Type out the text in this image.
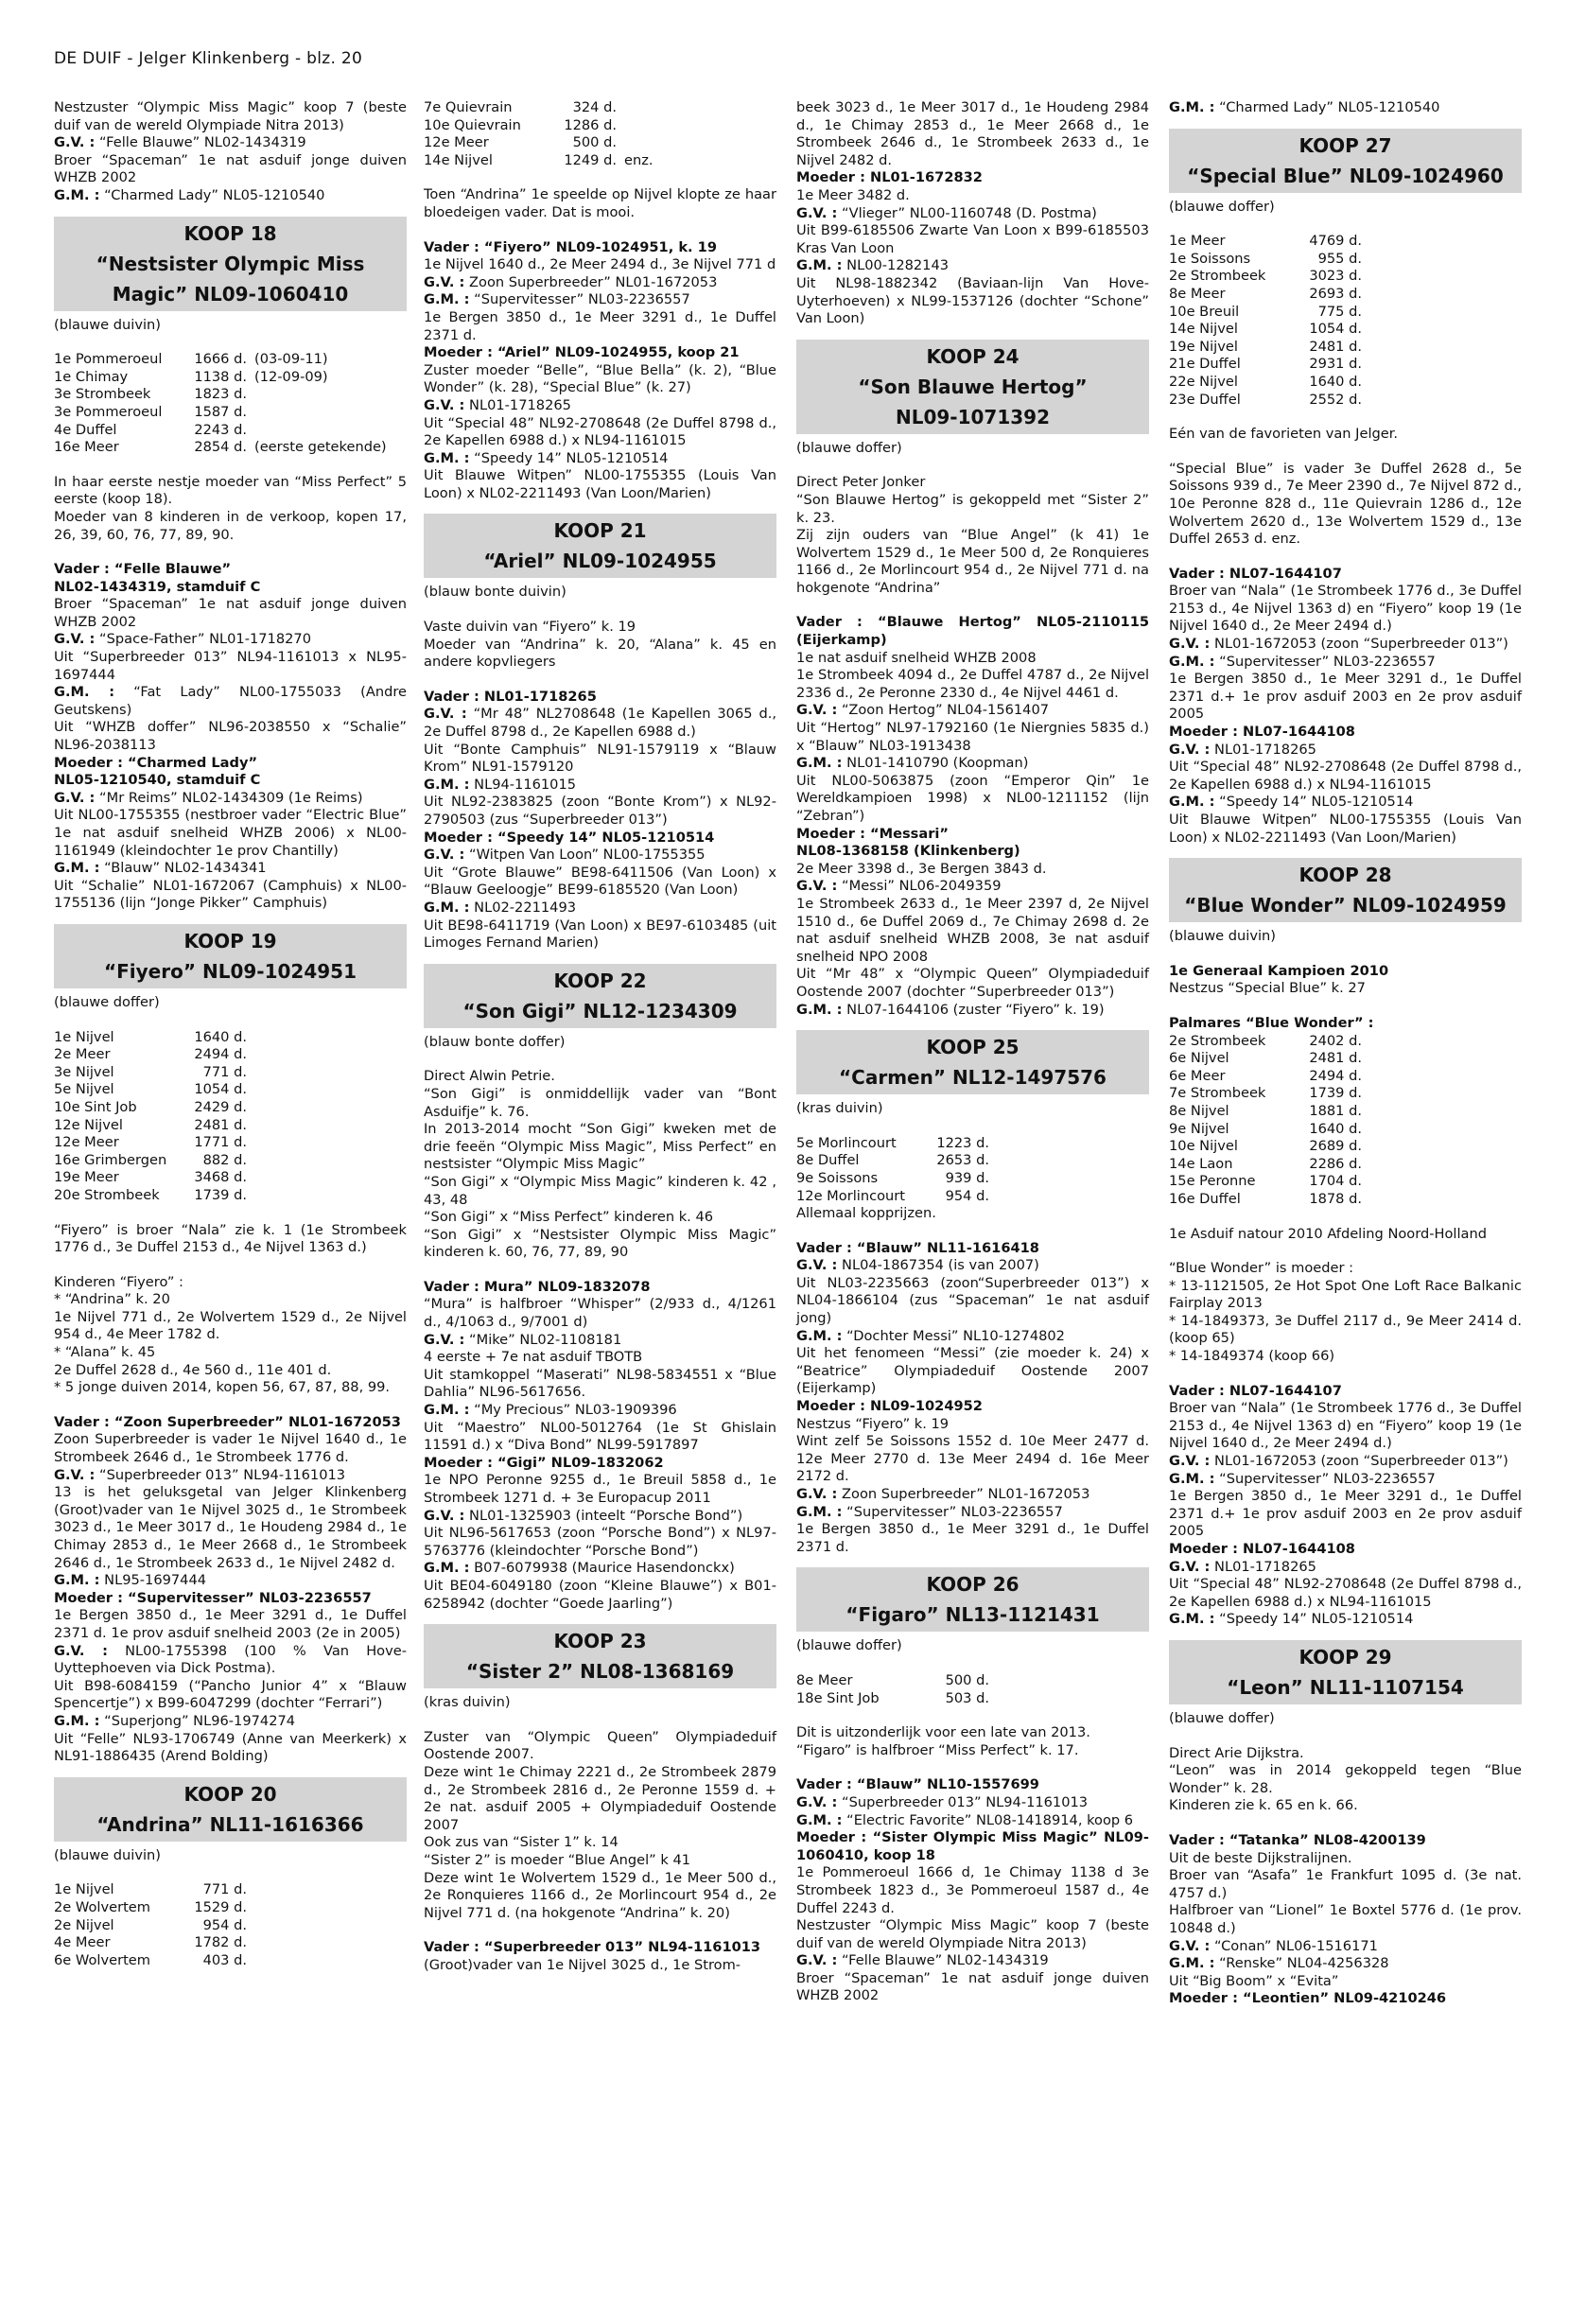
DE DUIF - Jelger Klinkenberg - blz. 20

Nestzuster “Olympic Miss Magic” koop 7 (beste duif van de wereld Olympiade Nitra 2013)

G.V. : “Felle Blauwe” NL02-1434319

Broer “Spaceman” 1e nat asduif jonge duiven WHZB 2002

G.M. : “Charmed Lady” NL05-1210540

KOOP 18
“Nestsister Olympic Miss
Magic” NL09-1060410

(blauwe duivin)

1e Pommeroeul	1666 d. (03-09-11)
1e Chimay	1138 d. (12-09-09)
3e Strombeek	1823 d.
3e Pommeroeul	1587 d.
4e Duffel	2243 d.
16e Meer	2854 d. (eerste getekende)

In haar eerste nestje moeder van “Miss Perfect” 5 eerste (koop 18).

Moeder van 8 kinderen in de verkoop, kopen 17, 26, 39, 60, 76, 77, 89, 90.

Vader : “Felle Blauwe”

NL02-1434319, stamduif C

Broer “Spaceman” 1e nat asduif jonge duiven WHZB 2002

G.V. : “Space-Father” NL01-1718270

Uit “Superbreeder 013” NL94-1161013 x NL95-1697444

G.M. : “Fat Lady” NL00-1755033 (Andre Geutskens)

Uit “WHZB doffer” NL96-2038550 x “Schalie” NL96-2038113

Moeder : “Charmed Lady”

NL05-1210540, stamduif C

G.V. : “Mr Reims” NL02-1434309 (1e Reims)

Uit NL00-1755355 (nestbroer vader “Electric Blue” 1e nat asduif snelheid WHZB 2006) x NL00-1161949 (kleindochter 1e prov Chantilly)

G.M. : “Blauw” NL02-1434341

Uit “Schalie” NL01-1672067 (Camphuis) x NL00-1755136 (lijn “Jonge Pikker” Camphuis)

KOOP 19
“Fiyero” NL09-1024951

(blauwe doffer)

1e Nijvel	1640 d.
2e Meer	2494 d.
3e Nijvel	771 d.
5e Nijvel	1054 d.
10e Sint Job	2429 d.
12e Nijvel	2481 d.
12e Meer	1771 d.
16e Grimbergen	882 d.
19e Meer	3468 d.
20e Strombeek	1739 d.

“Fiyero” is broer “Nala” zie k. 1 (1e Strombeek 1776 d., 3e Duffel 2153 d., 4e Nijvel 1363 d.)

Kinderen “Fiyero” :

* “Andrina” k. 20

1e Nijvel 771 d., 2e Wolvertem 1529 d., 2e Nijvel 954 d., 4e Meer 1782 d.

* “Alana” k. 45

2e Duffel 2628 d., 4e 560 d., 11e 401 d.

* 5 jonge duiven 2014, kopen 56, 67, 87, 88, 99.

Vader : “Zoon Superbreeder” NL01-1672053

Zoon Superbreeder is vader 1e Nijvel 1640 d., 1e Strombeek 2646 d., 1e Strombeek 1776 d.

G.V. : “Superbreeder 013” NL94-1161013

13 is het geluksgetal van Jelger Klinkenberg (Groot)vader van 1e Nijvel 3025 d., 1e Strombeek 3023 d., 1e Meer 3017 d., 1e Houdeng 2984 d., 1e Chimay 2853 d., 1e Meer 2668 d., 1e Strombeek 2646 d., 1e Strombeek 2633 d., 1e Nijvel 2482 d.

G.M. : NL95-1697444

Moeder : “Supervitesser” NL03-2236557

1e Bergen 3850 d., 1e Meer 3291 d., 1e Duffel 2371 d. 1e prov asduif snelheid 2003 (2e in 2005)

G.V. : NL00-1755398 (100 % Van Hove-Uyttерhoeven via Dick Postma).

Uit B98-6084159 (“Pancho Junior 4” x “Blauw Spencertje”) x B99-6047299 (dochter “Ferrari”)

G.M. : “Superjong” NL96-1974274

Uit “Felle” NL93-1706749 (Anne van Meerkerk) x NL91-1886435 (Arend Bolding)

KOOP 20
“Andrina” NL11-1616366

(blauwe duivin)

1e Nijvel	771 d.
2e Wolvertem	1529 d.
2e Nijvel	954 d.
4e Meer	1782 d.
6e Wolvertem	403 d.
7e Quievrain	324 d.
10e Quievrain	1286 d.
12e Meer	500 d.
14e Nijvel	1249 d. enz.

Toen “Andrina” 1e speelde op Nijvel klopte ze haar bloedeigen vader. Dat is mooi.

Vader : “Fiyero” NL09-1024951, k. 19

1e Nijvel 1640 d., 2e Meer 2494 d., 3e Nijvel 771 d

G.V. : Zoon Superbreeder” NL01-1672053

G.M. : “Supervitesser” NL03-2236557

1e Bergen 3850 d., 1e Meer 3291 d., 1e Duffel 2371 d.

Moeder : “Ariel” NL09-1024955, koop 21

Zuster moeder “Belle”, “Blue Bella” (k. 2), “Blue Wonder” (k. 28), “Special Blue” (k. 27)

G.V. : NL01-1718265

Uit “Special 48” NL92-2708648 (2e Duffel 8798 d., 2e Kapellen 6988 d.) x NL94-1161015

G.M. : “Speedy 14” NL05-1210514

Uit Blauwe Witpen” NL00-1755355 (Louis Van Loon) x NL02-2211493 (Van Loon/Marien)

KOOP 21
“Ariel” NL09-1024955

(blauw bonte duivin)

Vaste duivin van “Fiyero” k. 19

Moeder van “Andrina” k. 20, “Alana” k. 45 en andere kopvliegers

Vader : NL01-1718265

G.V. : “Mr 48” NL2708648 (1e Kapellen 3065 d., 2e Duffel 8798 d., 2e Kapellen 6988 d.)

Uit “Bonte Camphuis” NL91-1579119 x “Blauw Krom” NL91-1579120

G.M. : NL94-1161015

Uit NL92-2383825 (zoon “Bonte Krom”) x NL92-2790503 (zus “Superbreeder 013”)

Moeder : “Speedy 14” NL05-1210514

G.V. : “Witpen Van Loon” NL00-1755355

Uit “Grote Blauwe” BE98-6411506 (Van Loon) x “Blauw Geeloogje” BE99-6185520 (Van Loon)

G.M. : NL02-2211493

Uit BE98-6411719 (Van Loon) x BE97-6103485 (uit Limoges Fernand Marien)

KOOP 22
“Son Gigi” NL12-1234309

(blauw bonte doffer)

Direct Alwin Petrie.

“Son Gigi” is onmiddellijk vader van “Bont Asduifje” k. 76.

In 2013-2014 mocht “Son Gigi” kweken met de drie feeën “Olympic Miss Magic”, Miss Perfect” en nestsister “Olympic Miss Magic”

“Son Gigi” x “Olympic Miss Magic” kinderen k. 42 , 43, 48

“Son Gigi” x “Miss Perfect” kinderen k. 46

“Son Gigi” x “Nestsister Olympic Miss Magic” kinderen k. 60, 76, 77, 89, 90

Vader : Mura” NL09-1832078

“Mura” is halfbroer “Whisper” (2/933 d., 4/1261 d., 4/1063 d., 9/7001 d)

G.V. : “Mike” NL02-1108181

4 eerste + 7e nat asduif TBOTB

Uit stamkoppel “Maserati” NL98-5834551 x “Blue Dahlia” NL96-5617656.

G.M. : “My Precious” NL03-1909396

Uit “Maestro” NL00-5012764 (1e St Ghislain 11591 d.) x “Diva Bond” NL99-5917897

Moeder : “Gigi” NL09-1832062

1e NPO Peronne 9255 d., 1e Breuil 5858 d., 1e Strombeek 1271 d. + 3e Europacup 2011

G.V. : NL01-1325903 (inteelt “Porsche Bond”)

Uit NL96-5617653 (zoon “Porsche Bond”) x NL97-5763776 (kleindochter “Porsche Bond”)

G.M. : B07-6079938 (Maurice Hasendonckx)

Uit BE04-6049180 (zoon “Kleine Blauwe”) x B01-6258942 (dochter “Goede Jaarling”)

KOOP 23
“Sister 2” NL08-1368169

(kras duivin)

Zuster van “Olympic Queen” Olympiadeduif Oostende 2007.

Deze wint 1e Chimay 2221 d., 2e Strombeek 2879 d., 2e Strombeek 2816 d., 2e Peronne 1559 d. + 2e nat. asduif 2005 + Olympiadeduif Oostende 2007

Ook zus van “Sister 1” k. 14

“Sister 2” is moeder “Blue Angel” k 41

Deze wint 1e Wolvertem 1529 d., 1e Meer 500 d., 2e Ronquieres 1166 d., 2e Morlincourt 954 d., 2e Nijvel 771 d. (na hokgenote “Andrina” k. 20)

Vader : “Superbreeder 013” NL94-1161013

(Groot)vader van 1e Nijvel 3025 d., 1e Strom-

beek 3023 d., 1e Meer 3017 d., 1e Houdeng 2984 d., 1e Chimay 2853 d., 1e Meer 2668 d., 1e Strombeek 2646 d., 1e Strombeek 2633 d., 1e Nijvel 2482 d.

Moeder : NL01-1672832

1e Meer 3482 d.

G.V. : “Vlieger” NL00-1160748 (D. Postma)

Uit B99-6185506 Zwarte Van Loon x B99-6185503 Kras Van Loon

G.M. : NL00-1282143

Uit NL98-1882342 (Baviaan-lijn Van Hove-Uyterhoeven) x NL99-1537126 (dochter “Schone” Van Loon)

KOOP 24
“Son Blauwe Hertog”
NL09-1071392

(blauwe doffer)

Direct Peter Jonker

“Son Blauwe Hertog” is gekoppeld met “Sister 2” k. 23.

Zij zijn ouders van “Blue Angel” (k 41) 1e Wolvertem 1529 d., 1e Meer 500 d, 2e Ronquieres 1166 d., 2e Morlincourt 954 d., 2e Nijvel 771 d. na hokgenote “Andrina”

Vader : “Blauwe Hertog” NL05-2110115 (Eijerkamp)

1e nat asduif snelheid WHZB 2008

1e Strombeek 4094 d., 2e Duffel 4787 d., 2e Nijvel 2336 d., 2e Peronne 2330 d., 4e Nijvel 4461 d.

G.V. : “Zoon Hertog” NL04-1561407

Uit “Hertog” NL97-1792160 (1e Niergnies 5835 d.) x “Blauw” NL03-1913438

G.M. : NL01-1410790 (Koopman)

Uit NL00-5063875 (zoon “Emperor Qin” 1e Wereldkampioen 1998) x NL00-1211152 (lijn “Zebran”)

Moeder : “Messari”

NL08-1368158 (Klinkenberg)

2e Meer 3398 d., 3e Bergen 3843 d.

G.V. : “Messi” NL06-2049359

1e Strombeek 2633 d., 1e Meer 2397 d, 2e Nijvel 1510 d., 6e Duffel 2069 d., 7e Chimay 2698 d. 2e nat asduif snelheid WHZB 2008, 3e nat asduif snelheid NPO 2008

Uit “Mr 48” x “Olympic Queen” Olympiadeduif Oostende 2007 (dochter “Superbreeder 013”)

G.M. : NL07-1644106 (zuster “Fiyero” k. 19)

KOOP 25
“Carmen” NL12-1497576

(kras duivin)

5e Morlincourt	1223 d.
8e Duffel	2653 d.
9e Soissons	939 d.
12e Morlincourt	954 d.

Allemaal kopprijzen.

Vader : “Blauw” NL11-1616418

G.V. : NL04-1867354 (is van 2007)

Uit NL03-2235663 (zoon“Superbreeder 013”) x NL04-1866104 (zus “Spaceman” 1e nat asduif jong)

G.M. : “Dochter Messi” NL10-1274802

Uit het fenomeen “Messi” (zie moeder k. 24) x “Beatrice” Olympiadeduif Oostende 2007 (Eijerkamp)

Moeder : NL09-1024952

Nestzus “Fiyero” k. 19

Wint zelf 5e Soissons 1552 d. 10e Meer 2477 d. 12e Meer 2770 d. 13e Meer 2494 d. 16e Meer 2172 d.

G.V. : Zoon Superbreeder” NL01-1672053

G.M. : “Supervitesser” NL03-2236557

1e Bergen 3850 d., 1e Meer 3291 d., 1e Duffel 2371 d.

KOOP 26
“Figaro” NL13-1121431

(blauwe doffer)

8e Meer	500 d.
18e Sint Job	503 d.

Dit is uitzonderlijk voor een late van 2013.

“Figaro” is halfbroer “Miss Perfect” k. 17.

Vader : “Blauw” NL10-1557699

G.V. : “Superbreeder 013” NL94-1161013

G.M. : “Electric Favorite” NL08-1418914, koop 6

Moeder : “Sister Olympic Miss Magic” NL09-1060410, koop 18

1e Pommeroeul 1666 d, 1e Chimay 1138 d 3e Strombeek 1823 d., 3e Pommeroeul 1587 d., 4e Duffel 2243 d.

Nestzuster “Olympic Miss Magic” koop 7 (beste duif van de wereld Olympiade Nitra 2013)

G.V. : “Felle Blauwe” NL02-1434319

Broer “Spaceman” 1e nat asduif jonge duiven WHZB 2002

G.M. : “Charmed Lady” NL05-1210540

KOOP 27
“Special Blue” NL09-1024960

(blauwe doffer)

1e Meer	4769 d.
1e Soissons	955 d.
2e Strombeek	3023 d.
8e Meer	2693 d.
10e Breuil	775 d.
14e Nijvel	1054 d.
19e Nijvel	2481 d.
21e Duffel	2931 d.
22e Nijvel	1640 d.
23e Duffel	2552 d.

Eén van de favorieten van Jelger.

“Special Blue” is vader 3e Duffel 2628 d., 5e Soissons 939 d., 7e Meer 2390 d., 7e Nijvel 872 d., 10e Peronne 828 d., 11e Quievrain 1286 d., 12e Wolvertem 2620 d., 13e Wolvertem 1529 d., 13e Duffel 2653 d. enz.

Vader : NL07-1644107

Broer van “Nala” (1e Strombeek 1776 d., 3e Duffel 2153 d., 4e Nijvel 1363 d) en “Fiyero” koop 19 (1e Nijvel 1640 d., 2e Meer 2494 d.)

G.V. : NL01-1672053 (zoon “Superbreeder 013”)

G.M. : “Supervitesser” NL03-2236557

1e Bergen 3850 d., 1e Meer 3291 d., 1e Duffel 2371 d.+ 1e prov asduif 2003 en 2e prov asduif 2005

Moeder : NL07-1644108

G.V. : NL01-1718265

Uit “Special 48” NL92-2708648 (2e Duffel 8798 d., 2e Kapellen 6988 d.) x NL94-1161015

G.M. : “Speedy 14” NL05-1210514

Uit Blauwe Witpen” NL00-1755355 (Louis Van Loon) x NL02-2211493 (Van Loon/Marien)

KOOP 28
“Blue Wonder” NL09-1024959

(blauwe duivin)

1e Generaal Kampioen 2010

Nestzus “Special Blue” k. 27

Palmares “Blue Wonder” :

2e Strombeek	2402 d.
6e Nijvel	2481 d.
6e Meer	2494 d.
7e Strombeek	1739 d.
8e Nijvel	1881 d.
9e Nijvel	1640 d.
10e Nijvel	2689 d.
14e Laon	2286 d.
15e Peronne	1704 d.
16e Duffel	1878 d.

1e Asduif natour 2010 Afdeling Noord-Holland

“Blue Wonder” is moeder :

* 13-1121505, 2e Hot Spot One Loft Race Balkanic Fairplay 2013

* 14-1849373, 3e Duffel 2117 d., 9e Meer 2414 d. (koop 65)

* 14-1849374 (koop 66)

Vader : NL07-1644107

Broer van “Nala” (1e Strombeek 1776 d., 3e Duffel 2153 d., 4e Nijvel 1363 d) en “Fiyero” koop 19 (1e Nijvel 1640 d., 2e Meer 2494 d.)

G.V. : NL01-1672053 (zoon “Superbreeder 013”)

G.M. : “Supervitesser” NL03-2236557

1e Bergen 3850 d., 1e Meer 3291 d., 1e Duffel 2371 d.+ 1e prov asduif 2003 en 2e prov asduif 2005

Moeder : NL07-1644108

G.V. : NL01-1718265

Uit “Special 48” NL92-2708648 (2e Duffel 8798 d., 2e Kapellen 6988 d.) x NL94-1161015

G.M. : “Speedy 14” NL05-1210514

KOOP 29
“Leon” NL11-1107154

(blauwe doffer)

Direct Arie Dijkstra.

“Leon” was in 2014 gekoppeld tegen “Blue Wonder” k. 28.

Kinderen zie k. 65 en k. 66.

Vader : “Tatanka” NL08-4200139

Uit de beste Dijkstralijnen.

Broer van “Asafa” 1e Frankfurt 1095 d. (3e nat. 4757 d.)

Halfbroer van “Lionel” 1e Boxtel 5776 d. (1e prov. 10848 d.)

G.V. : “Conan” NL06-1516171

G.M. : “Renske” NL04-4256328

Uit “Big Boom” x “Evita”

Moeder : “Leontien” NL09-4210246
